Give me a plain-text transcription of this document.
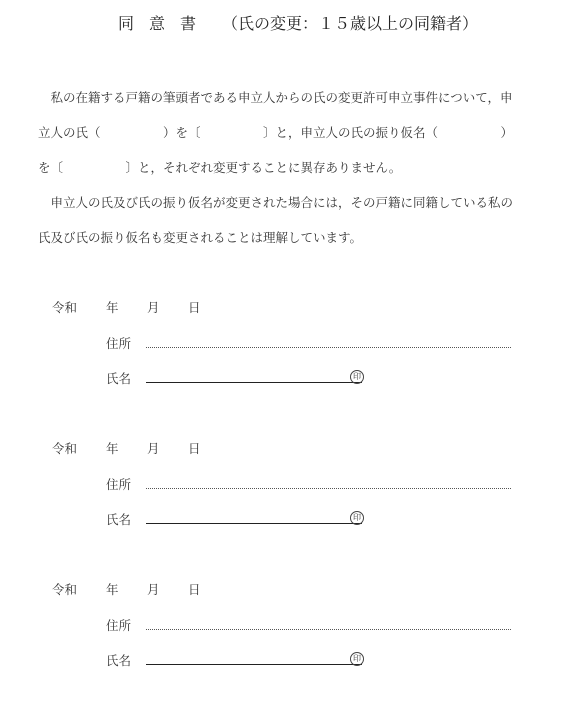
同意書 （氏の変更：１５歳以上の同籍者）
　私の在籍する戸籍の筆頭者である申立人からの氏の変更許可申立事件について，申
立人の氏（　　　　　）を〔　　　　　〕と，申立人の氏の振り仮名（　　　　　）
を〔　　　　　〕と，それぞれ変更することに異存ありません。
　申立人の氏及び氏の振り仮名が変更された場合には，その戸籍に同籍している私の
氏及び氏の振り仮名も変更されることは理解しています。
令和 年 月 日
住所
氏名	印
令和 年 月 日
住所
氏名	印
令和 年 月 日
住所
氏名	印
